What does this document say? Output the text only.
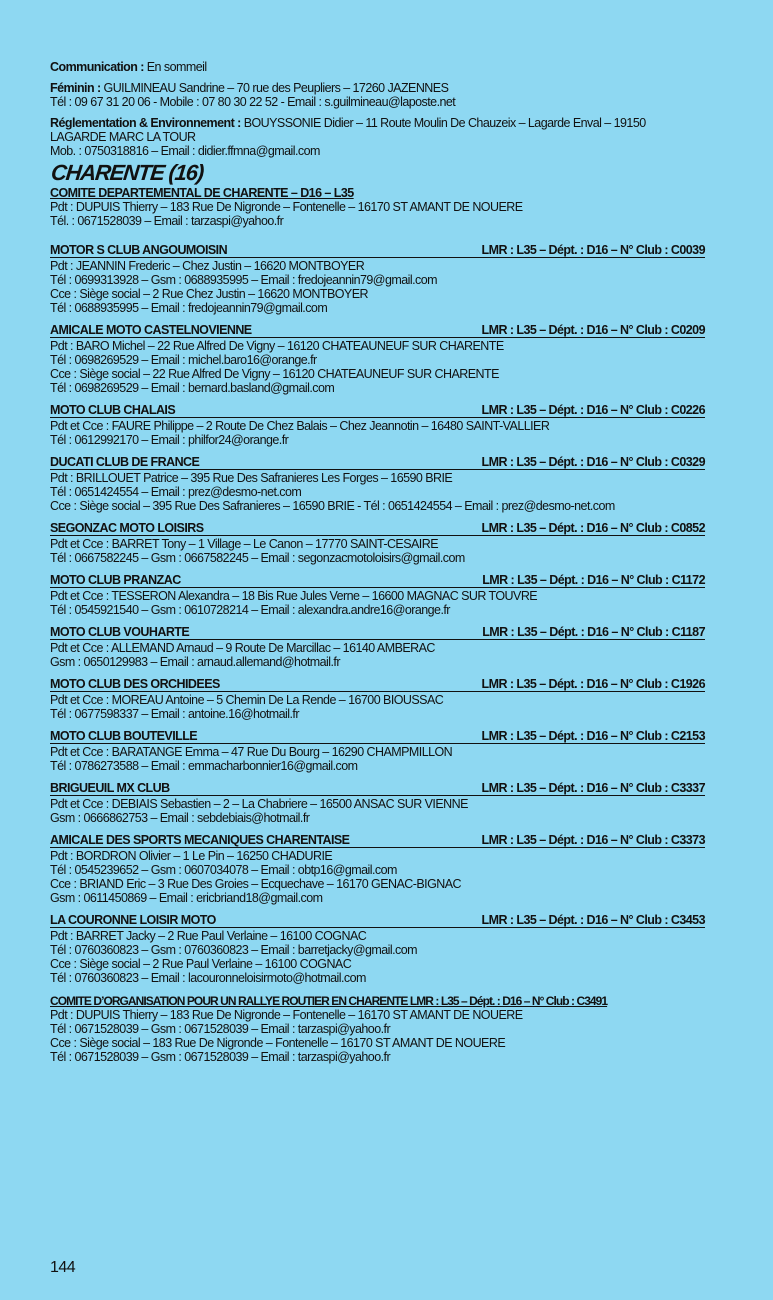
Communication : En sommeil

Féminin : GUILMINEAU Sandrine – 70 rue des Peupliers – 17260 JAZENNES

Tél : 09 67 31 20 06 - Mobile : 07 80 30 22 52 - Email : s.guilmineau@laposte.net

Réglementation & Environnement : BOUYSSONIE Didier – 11 Route Moulin De Chauzeix – Lagarde Enval – 19150

LAGARDE MARC LA TOUR

Mob. : 0750318816 – Email : didier.ffmna@gmail.com

CHARENTE (16)
COMITE DEPARTEMENTAL DE CHARENTE – D16 – L35
Pdt : DUPUIS Thierry – 183 Rue De Nigronde – Fontenelle – 16170 ST AMANT DE NOUERE
Tél. : 0671528039 – Email : tarzaspi@yahoo.fr
MOTOR S CLUB ANGOUMOISIN	LMR : L35 – Dépt. : D16 – N° Club : C0039
Pdt : JEANNIN Frederic – Chez Justin – 16620 MONTBOYER
Tél : 0699313928 – Gsm : 0688935995 – Email : fredojeannin79@gmail.com
Cce : Siège social – 2 Rue Chez Justin – 16620 MONTBOYER
Tél : 0688935995 – Email : fredojeannin79@gmail.com
AMICALE MOTO CASTELNOVIENNE	LMR : L35 – Dépt. : D16 – N° Club : C0209
Pdt : BARO Michel – 22 Rue Alfred De Vigny – 16120 CHATEAUNEUF SUR CHARENTE
Tél : 0698269529 – Email : michel.baro16@orange.fr
Cce : Siège social – 22 Rue Alfred De Vigny – 16120 CHATEAUNEUF SUR CHARENTE
Tél : 0698269529 – Email : bernard.basland@gmail.com
MOTO CLUB CHALAIS	LMR : L35 – Dépt. : D16 – N° Club : C0226
Pdt et Cce : FAURE Philippe – 2 Route De Chez Balais – Chez Jeannotin – 16480 SAINT-VALLIER
Tél : 0612992170 – Email : philfor24@orange.fr
DUCATI CLUB DE FRANCE	LMR : L35 – Dépt. : D16 – N° Club : C0329
Pdt : BRILLOUET Patrice – 395 Rue Des Safranieres Les Forges – 16590 BRIE
Tél : 0651424554 – Email : prez@desmo-net.com
Cce : Siège social – 395 Rue Des Safranieres – 16590 BRIE - Tél : 0651424554 – Email : prez@desmo-net.com
SEGONZAC MOTO LOISIRS	LMR : L35 – Dépt. : D16 – N° Club : C0852
Pdt et Cce : BARRET Tony – 1 Village – Le Canon – 17770 SAINT-CESAIRE
Tél : 0667582245 – Gsm : 0667582245 – Email : segonzacmotoloisirs@gmail.com
MOTO CLUB PRANZAC	LMR : L35 – Dépt. : D16 – N° Club : C1172
Pdt et Cce : TESSERON Alexandra – 18 Bis Rue Jules Verne – 16600 MAGNAC SUR TOUVRE
Tél : 0545921540 – Gsm : 0610728214 – Email : alexandra.andre16@orange.fr
MOTO CLUB VOUHARTE	LMR : L35 – Dépt. : D16 – N° Club : C1187
Pdt et Cce : ALLEMAND Arnaud – 9 Route De Marcillac – 16140 AMBERAC
Gsm : 0650129983 – Email : arnaud.allemand@hotmail.fr
MOTO CLUB DES ORCHIDEES	LMR : L35 – Dépt. : D16 – N° Club : C1926
Pdt et Cce : MOREAU Antoine – 5 Chemin De La Rende – 16700 BIOUSSAC
Tél : 0677598337 – Email : antoine.16@hotmail.fr
MOTO CLUB BOUTEVILLE	LMR : L35 – Dépt. : D16 – N° Club : C2153
Pdt et Cce : BARATANGE Emma – 47 Rue Du Bourg – 16290 CHAMPMILLON
Tél : 0786273588 – Email : emmacharbonnier16@gmail.com
BRIGUEUIL MX CLUB	LMR : L35 – Dépt. : D16 – N° Club : C3337
Pdt et Cce : DEBIAIS Sebastien – 2 – La Chabriere – 16500 ANSAC SUR VIENNE
Gsm : 0666862753 – Email : sebdebiais@hotmail.fr
AMICALE DES SPORTS MECANIQUES CHARENTAISE	LMR : L35 – Dépt. : D16 – N° Club : C3373
Pdt : BORDRON Olivier – 1 Le Pin – 16250 CHADURIE
Tél : 0545239652 – Gsm : 0607034078 – Email : obtp16@gmail.com
Cce : BRIAND Eric – 3 Rue Des Groies – Ecquechave – 16170 GENAC-BIGNAC
Gsm : 0611450869 – Email : ericbriand18@gmail.com
LA COURONNE LOISIR MOTO	LMR : L35 – Dépt. : D16 – N° Club : C3453
Pdt : BARRET Jacky – 2 Rue Paul Verlaine – 16100 COGNAC
Tél : 0760360823 – Gsm : 0760360823 – Email : barretjacky@gmail.com
Cce : Siège social – 2 Rue Paul Verlaine – 16100 COGNAC
Tél : 0760360823 – Email : lacouronneloisirmoto@hotmail.com
COMITE D’ORGANISATION POUR UN RALLYE ROUTIER EN CHARENTE LMR : L35 – Dépt. : D16 – N° Club : C3491
Pdt : DUPUIS Thierry – 183 Rue De Nigronde – Fontenelle – 16170 ST AMANT DE NOUERE
Tél : 0671528039 – Gsm : 0671528039 – Email : tarzaspi@yahoo.fr
Cce : Siège social – 183 Rue De Nigronde – Fontenelle – 16170 ST AMANT DE NOUERE
Tél : 0671528039 – Gsm : 0671528039 – Email : tarzaspi@yahoo.fr
144
